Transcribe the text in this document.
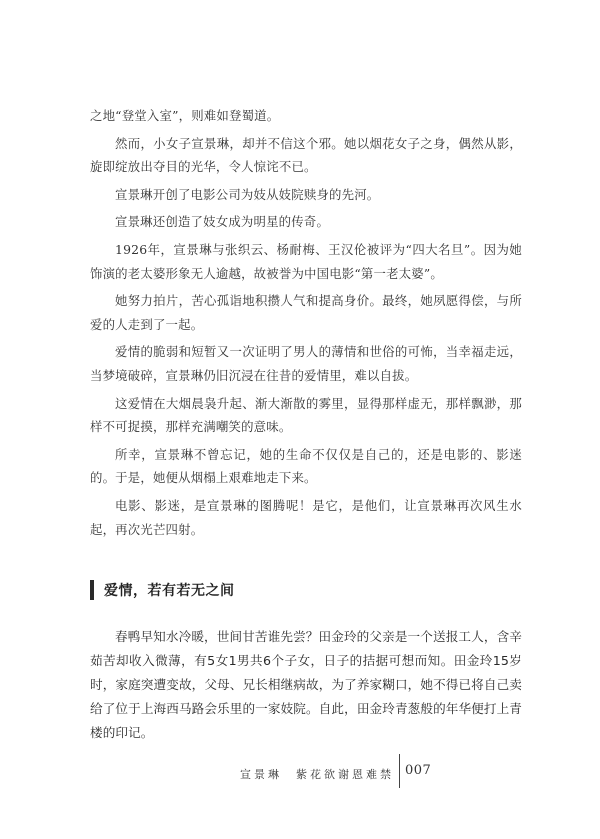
之地“登堂入室”，则难如登蜀道。

然而，小女子宣景琳，却并不信这个邪。她以烟花女子之身，偶然从影，旋即绽放出夺目的光华，令人惊诧不已。

宣景琳开创了电影公司为妓从妓院赎身的先河。

宣景琳还创造了妓女成为明星的传奇。

1926年，宣景琳与张织云、杨耐梅、王汉伦被评为“四大名旦”。因为她饰演的老太婆形象无人逾越，故被誉为中国电影“第一老太婆”。

她努力拍片，苦心孤诣地积攒人气和提高身价。最终，她夙愿得偿，与所爱的人走到了一起。

爱情的脆弱和短暂又一次证明了男人的薄情和世俗的可怖，当幸福走远，当梦境破碎，宣景琳仍旧沉浸在往昔的爱情里，难以自拔。

这爱情在大烟晨袅升起、渐大渐散的雾里，显得那样虚无，那样飘渺，那样不可捉摸，那样充满嘲笑的意味。

所幸，宣景琳不曾忘记，她的生命不仅仅是自己的，还是电影的、影迷的。于是，她便从烟榻上艰难地走下来。

电影、影迷，是宣景琳的图腾呢！是它，是他们，让宣景琳再次风生水起，再次光芒四射。

爱情，若有若无之间

春鸭早知水冷暖，世间甘苦谁先尝？田金玲的父亲是一个送报工人，含辛茹苦却收入微薄，有5女1男共6个子女，日子的拮据可想而知。田金玲15岁时，家庭突遭变故，父母、兄长相继病故，为了养家糊口，她不得已将自己卖给了位于上海西马路会乐里的一家妓院。自此，田金玲青葱般的年华便打上青楼的印记。

宣景琳　紫花欲谢恩难禁 007
